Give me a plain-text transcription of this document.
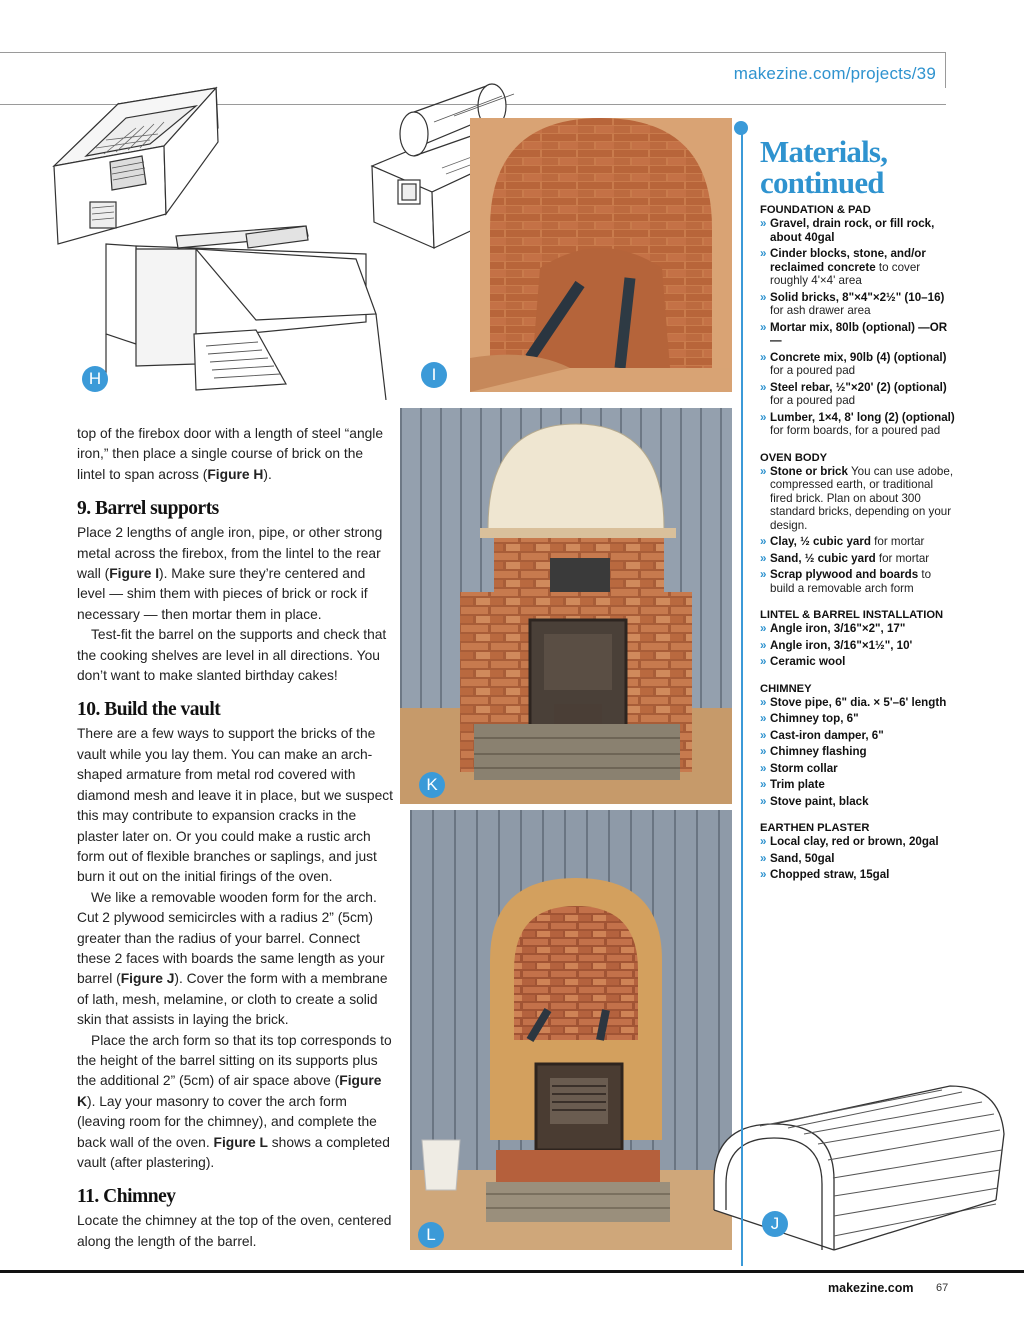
makezine.com/projects/39
H	I
K
L
J

top of the firebox door with a length of steel “angle iron,” then place a single course of brick on the lintel to span across (Figure H).

9. Barrel supports

Place 2 lengths of angle iron, pipe, or other strong metal across the firebox, from the lintel to the rear wall (Figure I). Make sure they’re centered and level — shim them with pieces of brick or rock if necessary — then mortar them in place.

Test-fit the barrel on the supports and check that the cooking shelves are level in all directions. You don’t want to make slanted birthday cakes!

10. Build the vault

There are a few ways to support the bricks of the vault while you lay them. You can make an arch-shaped armature from metal rod covered with diamond mesh and leave it in place, but we suspect this may contribute to expansion cracks in the plaster later on. Or you could make a rustic arch form out of flexible branches or saplings, and just burn it out on the initial firings of the oven.

We like a removable wooden form for the arch. Cut 2 plywood semicircles with a radius 2” (5cm) greater than the radius of your barrel. Connect these 2 faces with boards the same length as your barrel (Figure J). Cover the form with a membrane of lath, mesh, melamine, or cloth to create a solid skin that assists in laying the brick.

Place the arch form so that its top corresponds to the height of the barrel sitting on its supports plus the additional 2” (5cm) of air space above (Figure K). Lay your masonry to cover the arch form (leaving room for the chimney), and complete the back wall of the oven. Figure L shows a completed vault (after plastering).

11. Chimney

Locate the chimney at the top of the oven, centered along the length of the barrel.

Materials,
continued
FOUNDATION & PAD
» Gravel, drain rock, or fill rock, about 40gal
» Cinder blocks, stone, and/or reclaimed concrete to cover roughly 4'×4' area
» Solid bricks, 8"×4"×2½" (10–16) for ash drawer area
» Mortar mix, 80lb (optional) —OR—
» Concrete mix, 90lb (4) (optional) for a poured pad
» Steel rebar, ½"×20' (2) (optional) for a poured pad
» Lumber, 1×4, 8' long (2) (optional) for form boards, for a poured pad
OVEN BODY
» Stone or brick You can use adobe, compressed earth, or traditional fired brick. Plan on about 300 standard bricks, depending on your design.
» Clay, ½ cubic yard for mortar
» Sand, ½ cubic yard for mortar
» Scrap plywood and boards to build a removable arch form
LINTEL & BARREL INSTALLATION
» Angle iron, 3/16"×2", 17"
» Angle iron, 3/16"×1½", 10'
» Ceramic wool
CHIMNEY
» Stove pipe, 6" dia. × 5'–6' length
» Chimney top, 6"
» Cast-iron damper, 6"
» Chimney flashing
» Storm collar
» Trim plate
» Stove paint, black
EARTHEN PLASTER
» Local clay, red or brown, 20gal
» Sand, 50gal
» Chopped straw, 15gal
makezine.com 67
